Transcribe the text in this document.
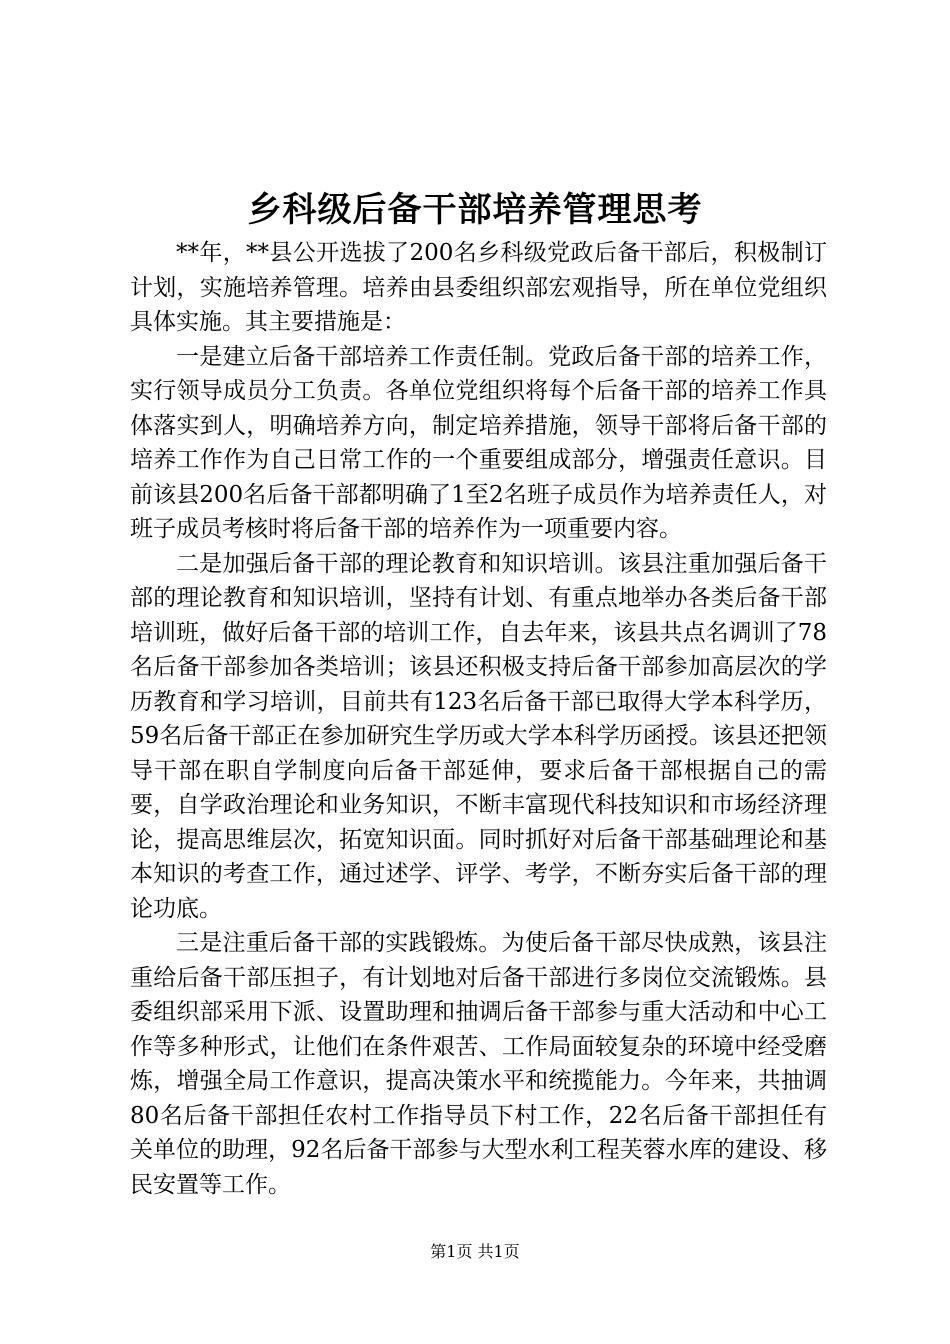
乡科级后备干部培养管理思考

**年，**县公开选拔了200名乡科级党政后备干部后，积极制订计划，实施培养管理。培养由县委组织部宏观指导，所在单位党组织具体实施。其主要措施是：

一是建立后备干部培养工作责任制。党政后备干部的培养工作，实行领导成员分工负责。各单位党组织将每个后备干部的培养工作具体落实到人，明确培养方向，制定培养措施，领导干部将后备干部的培养工作作为自己日常工作的一个重要组成部分，增强责任意识。目前该县200名后备干部都明确了1至2名班子成员作为培养责任人，对班子成员考核时将后备干部的培养作为一项重要内容。

二是加强后备干部的理论教育和知识培训。该县注重加强后备干部的理论教育和知识培训，坚持有计划、有重点地举办各类后备干部培训班，做好后备干部的培训工作，自去年来，该县共点名调训了78名后备干部参加各类培训；该县还积极支持后备干部参加高层次的学历教育和学习培训，目前共有123名后备干部已取得大学本科学历，59名后备干部正在参加研究生学历或大学本科学历函授。该县还把领导干部在职自学制度向后备干部延伸，要求后备干部根据自己的需要，自学政治理论和业务知识，不断丰富现代科技知识和市场经济理论，提高思维层次，拓宽知识面。同时抓好对后备干部基础理论和基本知识的考查工作，通过述学、评学、考学，不断夯实后备干部的理论功底。

三是注重后备干部的实践锻炼。为使后备干部尽快成熟，该县注重给后备干部压担子，有计划地对后备干部进行多岗位交流锻炼。县委组织部采用下派、设置助理和抽调后备干部参与重大活动和中心工作等多种形式，让他们在条件艰苦、工作局面较复杂的环境中经受磨炼，增强全局工作意识，提高决策水平和统揽能力。今年来，共抽调80名后备干部担任农村工作指导员下村工作，22名后备干部担任有关单位的助理，92名后备干部参与大型水利工程芙蓉水库的建设、移民安置等工作。

第1页 共1页
